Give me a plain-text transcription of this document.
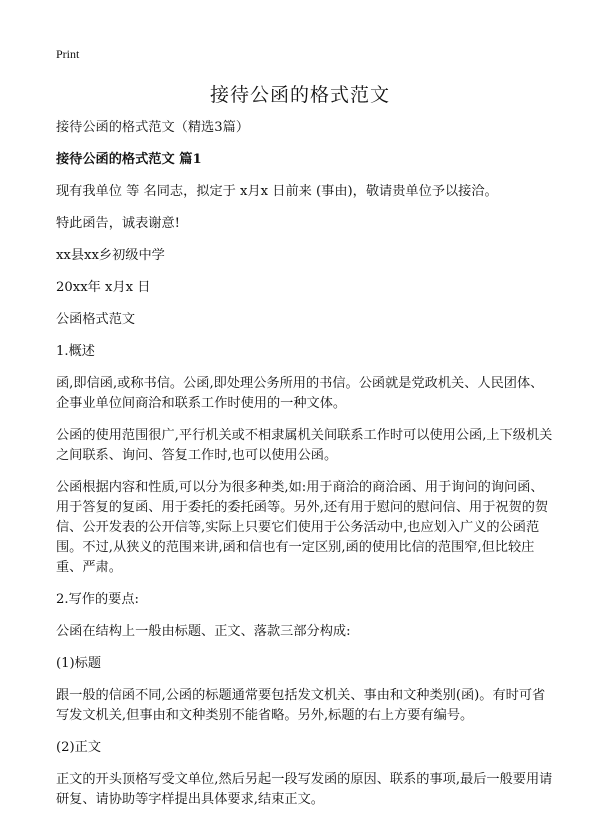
Print
接待公函的格式范文

接待公函的格式范文（精选3篇）

接待公函的格式范文 篇1

现有我单位 等 名同志，拟定于 x月x 日前来 (事由)，敬请贵单位予以接洽。

特此函告，诚表谢意!

xx县xx乡初级中学

20xx年 x月x 日

公函格式范文

1.概述

函,即信函,或称书信。公函,即处理公务所用的书信。公函就是党政机关、人民团体、企事业单位间商洽和联系工作时使用的一种文体。

公函的使用范围很广,平行机关或不相隶属机关间联系工作时可以使用公函,上下级机关之间联系、询问、答复工作时,也可以使用公函。

公函根据内容和性质,可以分为很多种类,如:用于商洽的商洽函、用于询问的询问函、用于答复的复函、用于委托的委托函等。另外,还有用于慰问的慰问信、用于祝贺的贺信、公开发表的公开信等,实际上只要它们使用于公务活动中,也应划入广义的公函范围。不过,从狭义的范围来讲,函和信也有一定区别,函的使用比信的范围窄,但比较庄重、严肃。

2.写作的要点:

公函在结构上一般由标题、正文、落款三部分构成:

(1)标题

跟一般的信函不同,公函的标题通常要包括发文机关、事由和文种类别(函)。有时可省写发文机关,但事由和文种类别不能省略。另外,标题的右上方要有编号。

(2)正文

正文的开头顶格写受文单位,然后另起一段写发函的原因、联系的事项,最后一般要用请研复、请协助等字样提出具体要求,结束正文。
